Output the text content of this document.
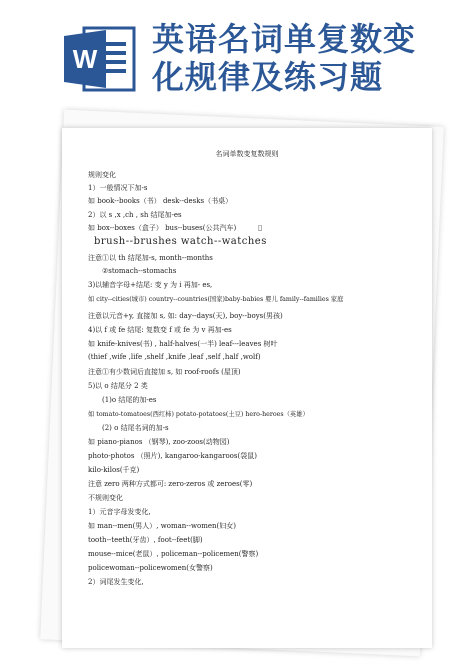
W
英语名词单复数变
化规律及练习题
名词单数变复数规则
▯
规则变化
1）一般情况下加-s
如 book--books（书） desk--desks（书桌）
2）以 s ,x ,ch , sh 结尾加-es
如 box--boxes（盒子） bus--buses(公共汽车)
brush--brushes watch--watches
注意①以 th 结尾加-s, month--months
②stomach--stomachs
3)以辅音字母+结尾: 变 y 为 i 再加- es,
如 city--cities(城市) country--countries(国家)baby-babies 婴儿 family--families 家庭
注意以元音+y, 直接加 s, 如: day--days(天), boy--boys(男孩)
4)以 f 或 fe 结尾: 复数变 f 或 fe 为 v 再加-es
如 knife-knives(书) , half-halves(一半) leaf---leaves 树叶
(thief ,wife ,life ,shelf ,knife ,leaf ,self ,half ,wolf)
注意①有少数词后直接加 s, 如 roof-roofs (屋顶)
5)以 o 结尾分 2 类
(1)o 结尾的加-es
如 tomato-tomatoes(西红柿) potato-potatoes(土豆) hero-heroes（英雄）
(2) o 结尾名词的加-s
如 piano-pianos （钢琴), zoo-zoos(动物园)
photo-photos （照片), kangaroo-kangaroos(袋鼠)
kilo-kilos(千克)
注意 zero 两种方式都可: zero-zeros 或 zeroes(零)
不规则变化
1）元音字母发变化,
如 man--men(男人）, woman--women(妇女)
tooth--teeth(牙齿）, foot--feet(脚)
mouse--mice(老鼠）, policeman--policemen(警察)
policewoman--policewomen(女警察)
2）词尾发生变化,
